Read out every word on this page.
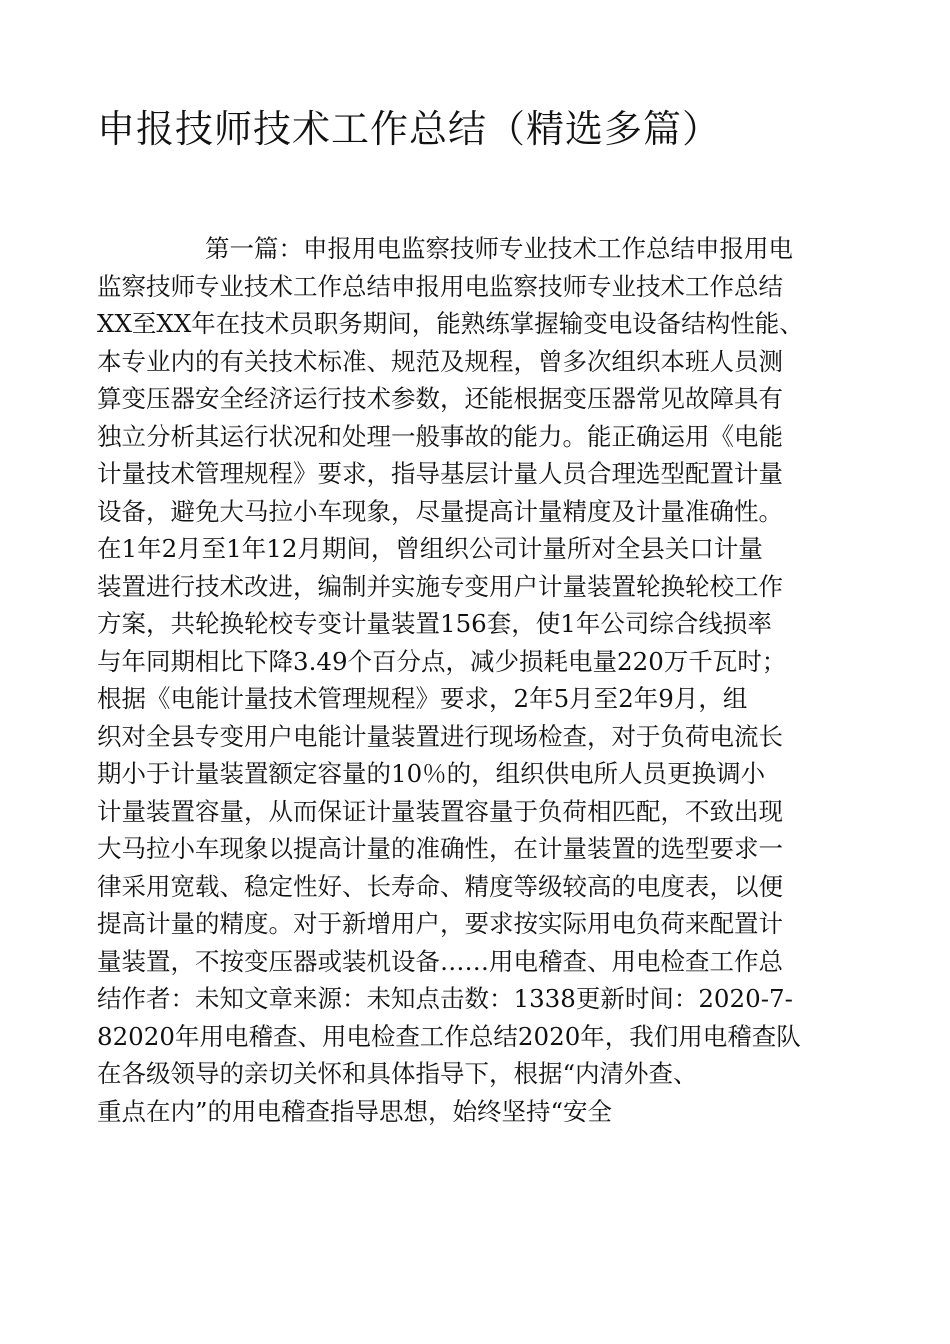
申报技师技术工作总结（精选多篇）
第一篇：申报用电监察技师专业技术工作总结申报用电
监察技师专业技术工作总结申报用电监察技师专业技术工作总结
XX至XX年在技术员职务期间，能熟练掌握输变电设备结构性能、
本专业内的有关技术标准、规范及规程，曾多次组织本班人员测
算变压器安全经济运行技术参数，还能根据变压器常见故障具有
独立分析其运行状况和处理一般事故的能力。能正确运用《电能
计量技术管理规程》要求，指导基层计量人员合理选型配置计量
设备，避免大马拉小车现象，尽量提高计量精度及计量准确性。
在1年2月至1年12月期间，曾组织公司计量所对全县关口计量
装置进行技术改进，编制并实施专变用户计量装置轮换轮校工作
方案，共轮换轮校专变计量装置156套，使1年公司综合线损率
与年同期相比下降3.49个百分点，减少损耗电量220万千瓦时；
根据《电能计量技术管理规程》要求，2年5月至2年9月，组
织对全县专变用户电能计量装置进行现场检查，对于负荷电流长
期小于计量装置额定容量的10％的，组织供电所人员更换调小
计量装置容量，从而保证计量装置容量于负荷相匹配，不致出现
大马拉小车现象以提高计量的准确性，在计量装置的选型要求一
律采用宽载、稳定性好、长寿命、精度等级较高的电度表，以便
提高计量的精度。对于新增用户，要求按实际用电负荷来配置计
量装置，不按变压器或装机设备……用电稽查、用电检查工作总
结作者：未知文章来源：未知点击数：1338更新时间：2020-7-
82020年用电稽查、用电检查工作总结2020年，我们用电稽查队
在各级领导的亲切关怀和具体指导下，根据“内清外查、
重点在内”的用电稽查指导思想，始终坚持“安全
